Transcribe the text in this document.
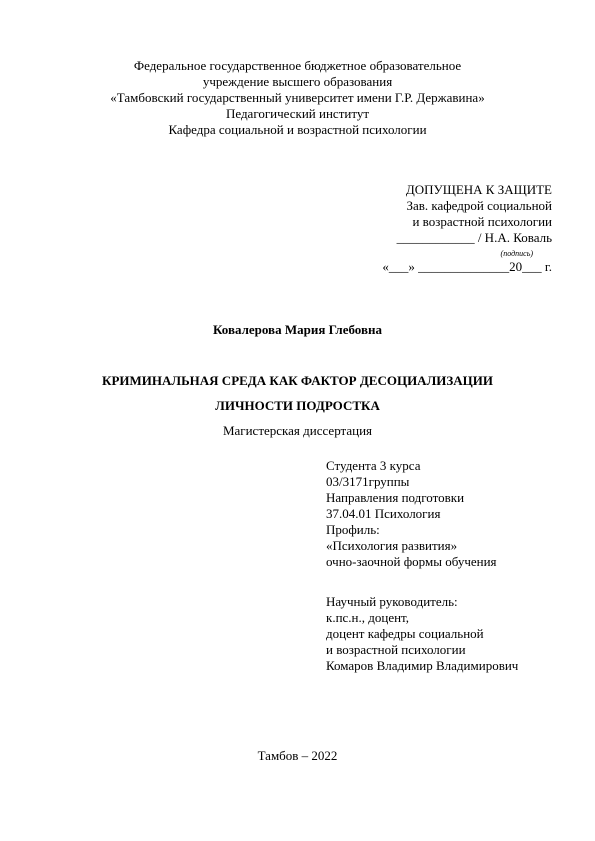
Федеральное государственное бюджетное образовательное
учреждение высшего образования
«Тамбовский государственный университет имени Г.Р. Державина»
Педагогический институт
Кафедра социальной и возрастной психологии
ДОПУЩЕНА К ЗАЩИТЕ
Зав. кафедрой социальной
и возрастной психологии
____________ / Н.А. Коваль
(подпись)
«___» ______________20___ г.
Ковалерова Мария Глебовна
КРИМИНАЛЬНАЯ СРЕДА КАК ФАКТОР ДЕСОЦИАЛИЗАЦИИ
ЛИЧНОСТИ ПОДРОСТКА
Магистерская диссертация
Студента 3 курса
03/3171группы
Направления подготовки
37.04.01 Психология
Профиль:
«Психология развития»
очно-заочной формы обучения
Научный руководитель:
к.пс.н., доцент,
доцент кафедры социальной
и возрастной психологии
Комаров Владимир Владимирович
Тамбов – 2022
